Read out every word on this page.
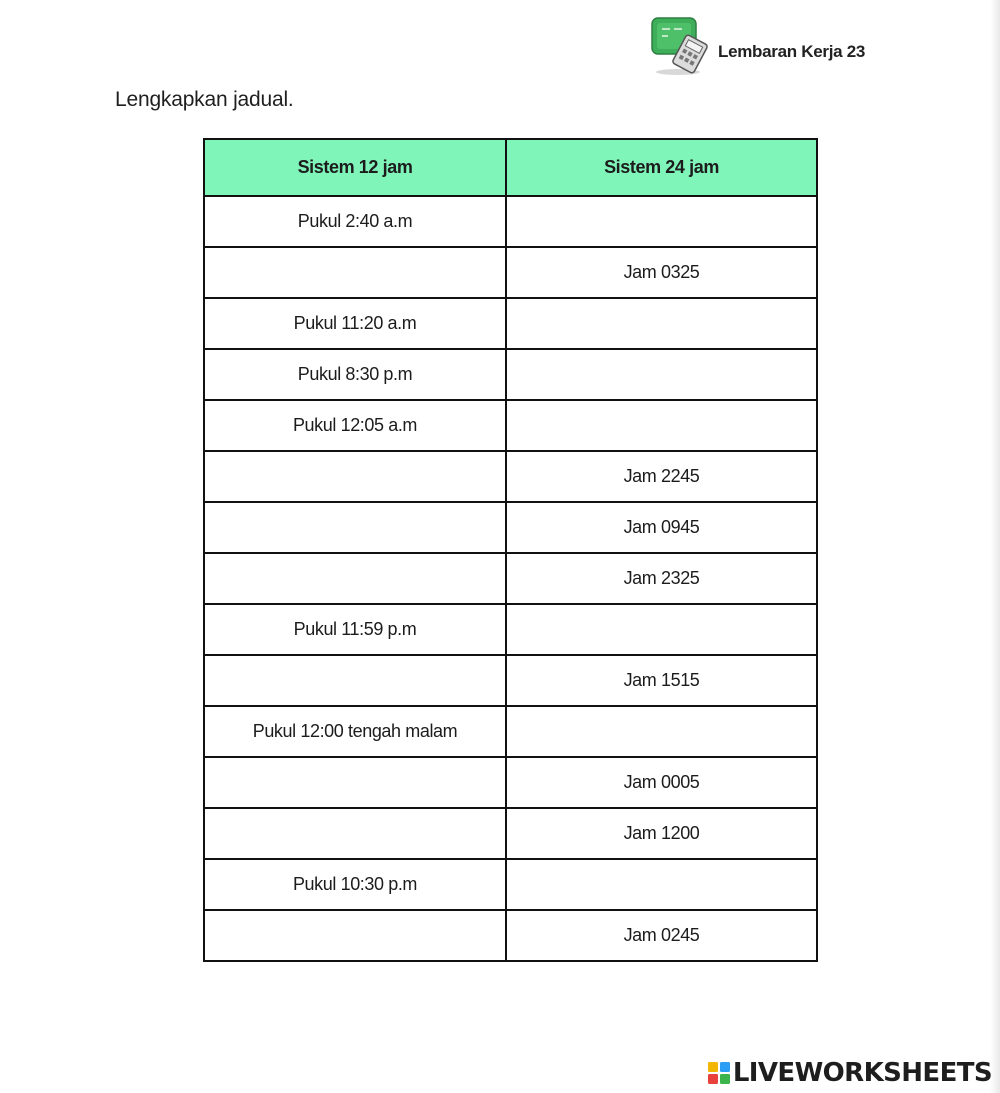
Lembaran Kerja 23
Lengkapkan jadual.
Sistem 12 jam	Sistem 24 jam
Pukul 2:40 a.m	
	Jam 0325
Pukul 11:20 a.m	
Pukul 8:30 p.m	
Pukul 12:05 a.m	
	Jam 2245
	Jam 0945
	Jam 2325
Pukul 11:59 p.m	
	Jam 1515
Pukul 12:00 tengah malam	
	Jam 0005
	Jam 1200
Pukul 10:30 p.m	
	Jam 0245
LIVEWORKSHEETS
